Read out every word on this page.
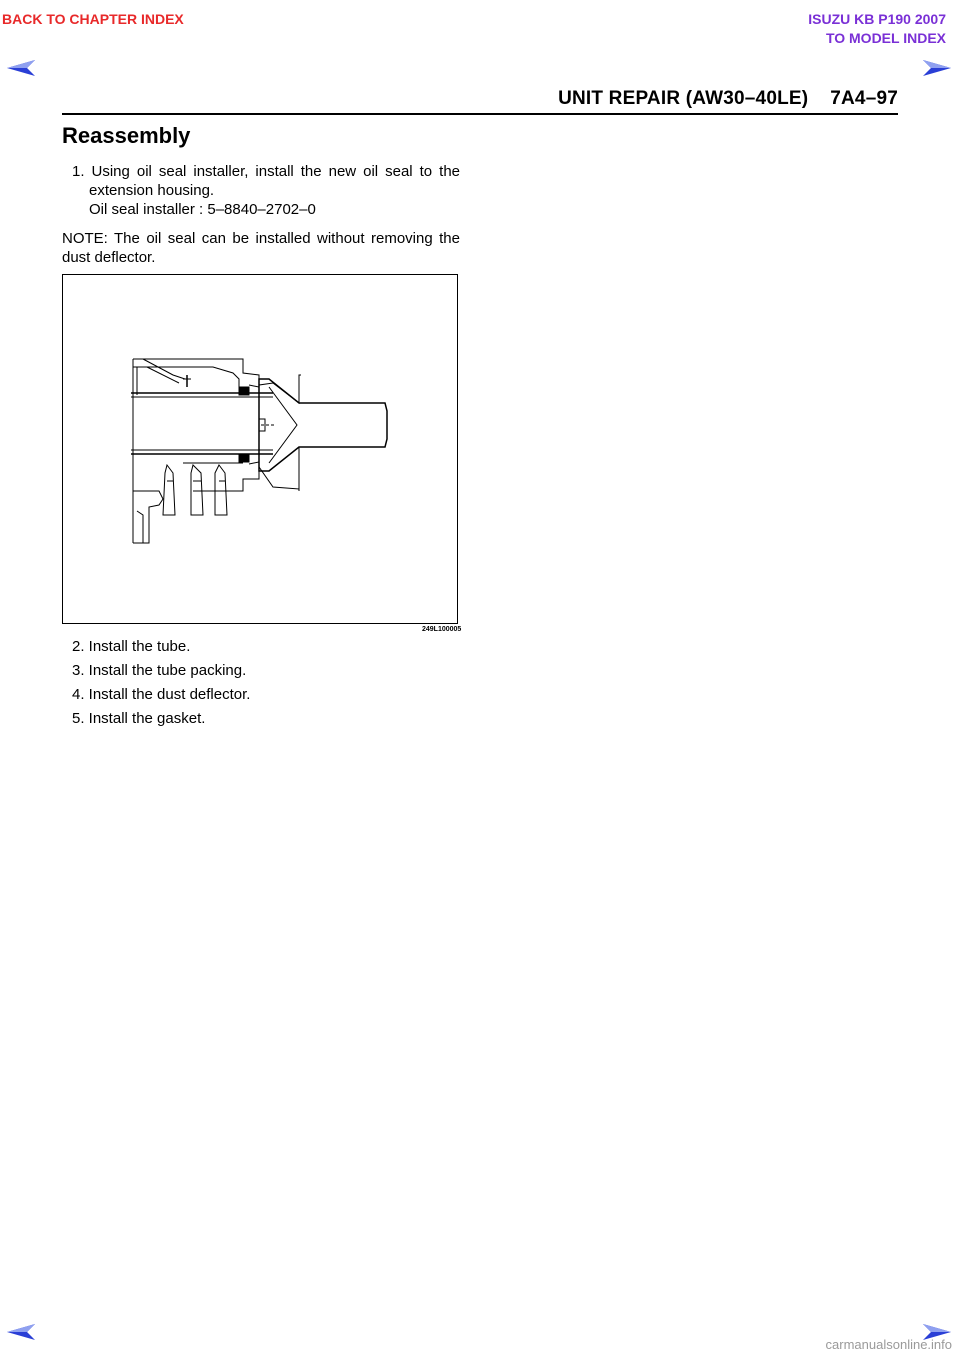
BACK TO CHAPTER INDEX	ISUZU KB P190 2007
TO MODEL INDEX
UNIT REPAIR (AW30–40LE) 7A4–97
Reassembly
1. Using oil seal installer, install the new oil seal to the extension housing.
Oil seal installer : 5–8840–2702–0
NOTE: The oil seal can be installed without removing the dust deflector.
249L100005
2. Install the tube.
3. Install the tube packing.
4. Install the dust deflector.
5. Install the gasket.
carmanualsonline.info
